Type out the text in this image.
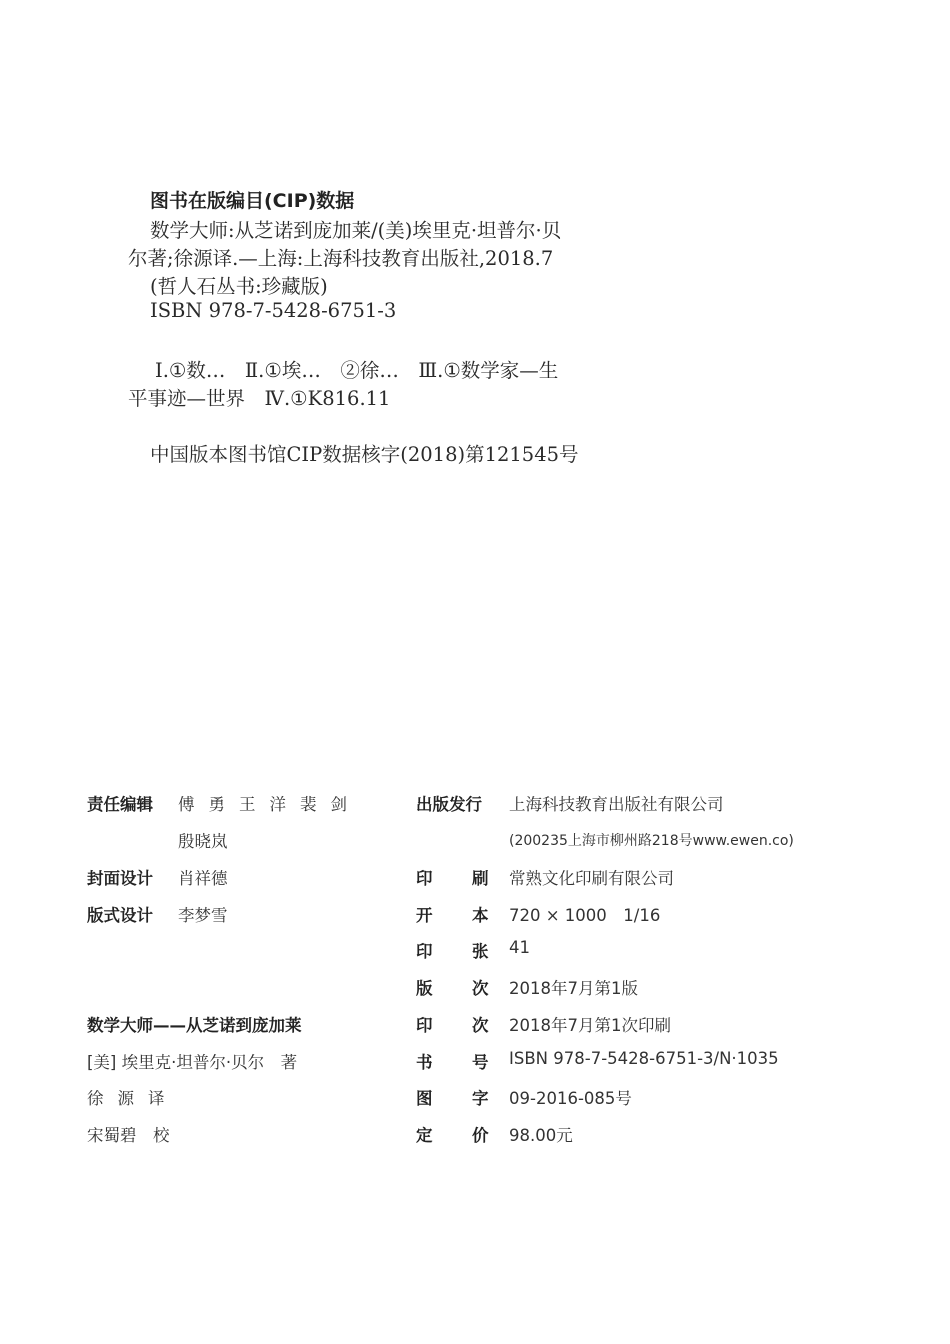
图书在版编目(CIP)数据
数学大师:从芝诺到庞加莱/(美)埃里克·坦普尔·贝
尔著;徐源译.—上海:上海科技教育出版社,2018.7
(哲人石丛书:珍藏版)
ISBN 978-7-5428-6751-3
Ⅰ.①数…　Ⅱ.①埃…　②徐…　Ⅲ.①数学家—生
平事迹—世界　Ⅳ.①K816.11
中国版本图书馆CIP数据核字(2018)第121545号
责任编辑 傅勇王洋裴剑
殷晓岚
封面设计 肖祥德
版式设计 李梦雪
数学大师——从芝诺到庞加莱
[美] 埃里克·坦普尔·贝尔　著
徐源译
宋蜀碧　校
出版发行 上海科技教育出版社有限公司
(200235上海市柳州路218号www.ewen.co)
印 刷 常熟文化印刷有限公司
开 本 720 × 1000　1/16
印 张 41
版 次 2018年7月第1版
印 次 2018年7月第1次印刷
书 号 ISBN 978-7-5428-6751-3/N·1035
图 字 09-2016-085号
定 价 98.00元
